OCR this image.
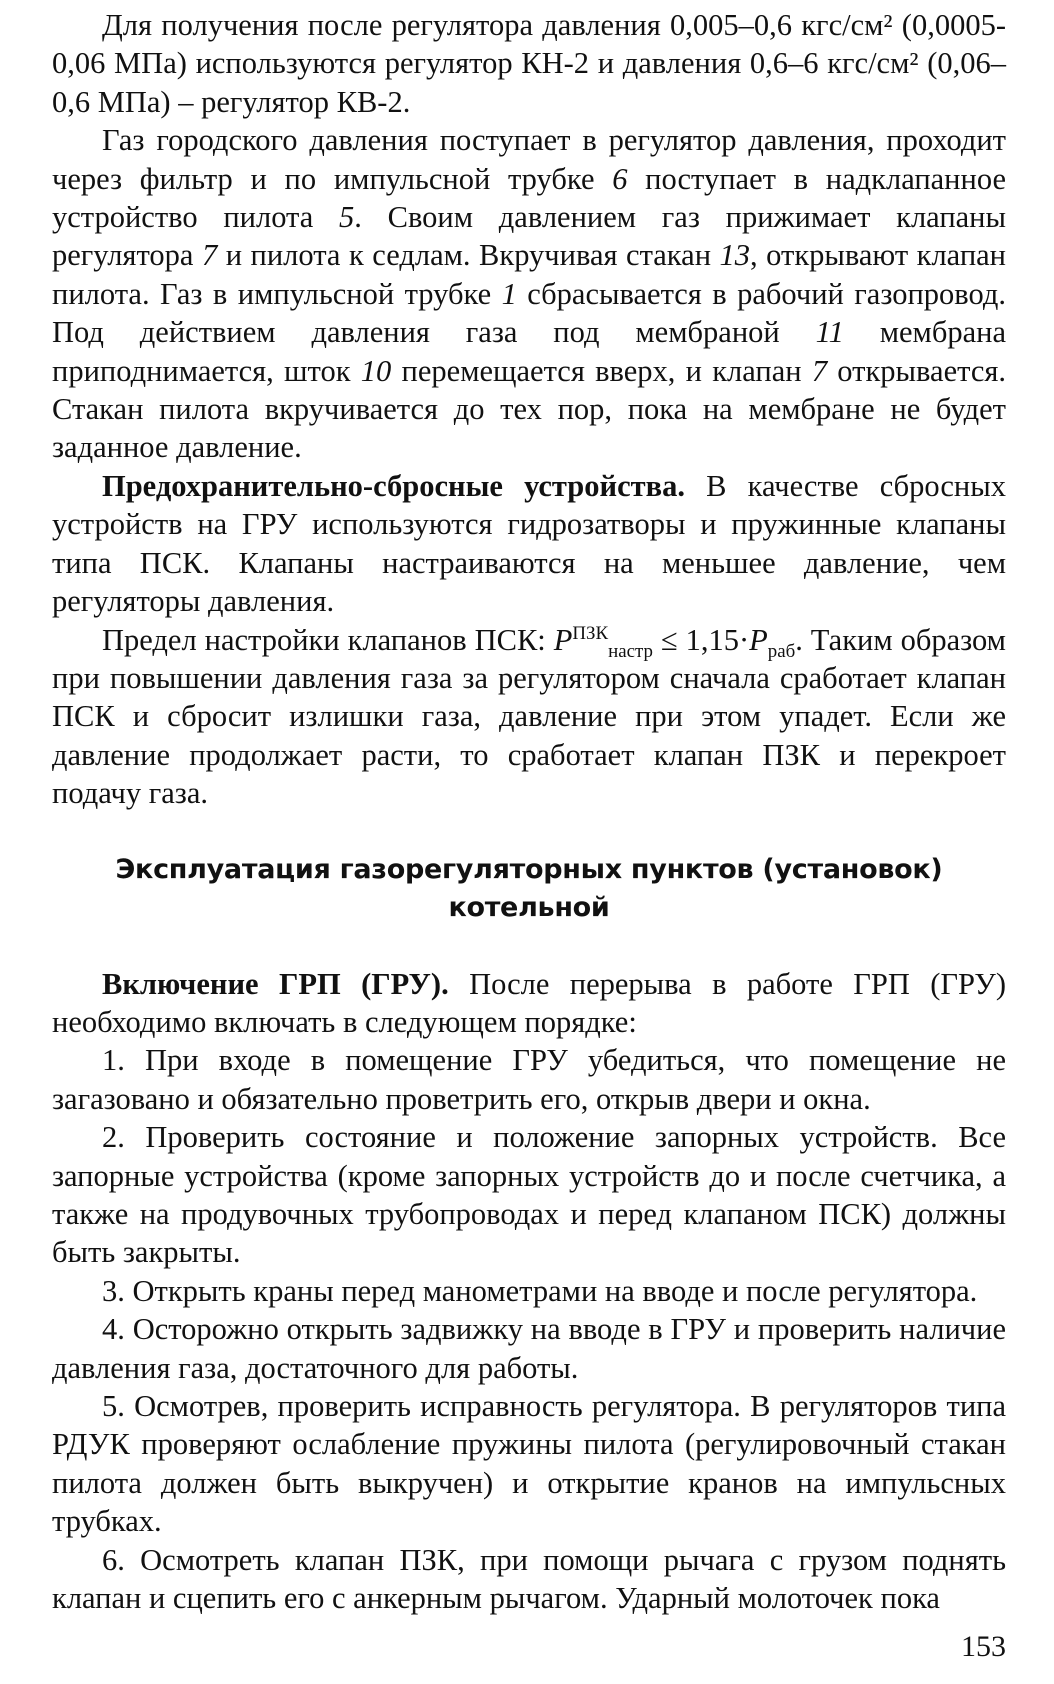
Для получения после регулятора давления 0,005–0,6 кгс/см² (0,0005-0,06 МПа) используются регулятор КН-2 и давления 0,6–6 кгс/см² (0,06–0,6 МПа) – регулятор КВ-2.

Газ городского давления поступает в регулятор давления, проходит через фильтр и по импульсной трубке 6 поступает в надклапанное устройство пилота 5. Своим давлением газ прижимает клапаны регулятора 7 и пилота к седлам. Вкручивая стакан 13, открывают клапан пилота. Газ в импульсной трубке 1 сбрасывается в рабочий газопровод. Под действием давления газа под мембраной 11 мембрана приподнимается, шток 10 перемещается вверх, и клапан 7 открывается. Стакан пилота вкручивается до тех пор, пока на мембране не будет заданное давление.

Предохранительно-сбросные устройства. В качестве сбросных устройств на ГРУ используются гидрозатворы и пружинные клапаны типа ПСК. Клапаны настраиваются на меньшее давление, чем регуляторы давления.

Предел настройки клапанов ПСК: $P^{ПЗК}_{настр} \le 1,15\cdot P_{раб}$. Таким образом при повышении давления газа за регулятором сначала сработает клапан ПСК и сбросит излишки газа, давление при этом упадет. Если же давление продолжает расти, то сработает клапан ПЗК и перекроет подачу газа.

Эксплуатация газорегуляторных пунктов (установок) котельной

Включение ГРП (ГРУ). После перерыва в работе ГРП (ГРУ) необходимо включать в следующем порядке:

1. При входе в помещение ГРУ убедиться, что помещение не загазовано и обязательно проветрить его, открыв двери и окна.

2. Проверить состояние и положение запорных устройств. Все запорные устройства (кроме запорных устройств до и после счетчика, а также на продувочных трубопроводах и перед клапаном ПСК) должны быть закрыты.

3. Открыть краны перед манометрами на вводе и после регулятора.

4. Осторожно открыть задвижку на вводе в ГРУ и проверить наличие давления газа, достаточного для работы.

5. Осмотрев, проверить исправность регулятора. В регуляторов типа РДУК проверяют ослабление пружины пилота (регулировочный стакан пилота должен быть выкручен) и открытие кранов на импульсных трубках.

6. Осмотреть клапан ПЗК, при помощи рычага с грузом поднять клапан и сцепить его с анкерным рычагом. Ударный молоточек пока

153
